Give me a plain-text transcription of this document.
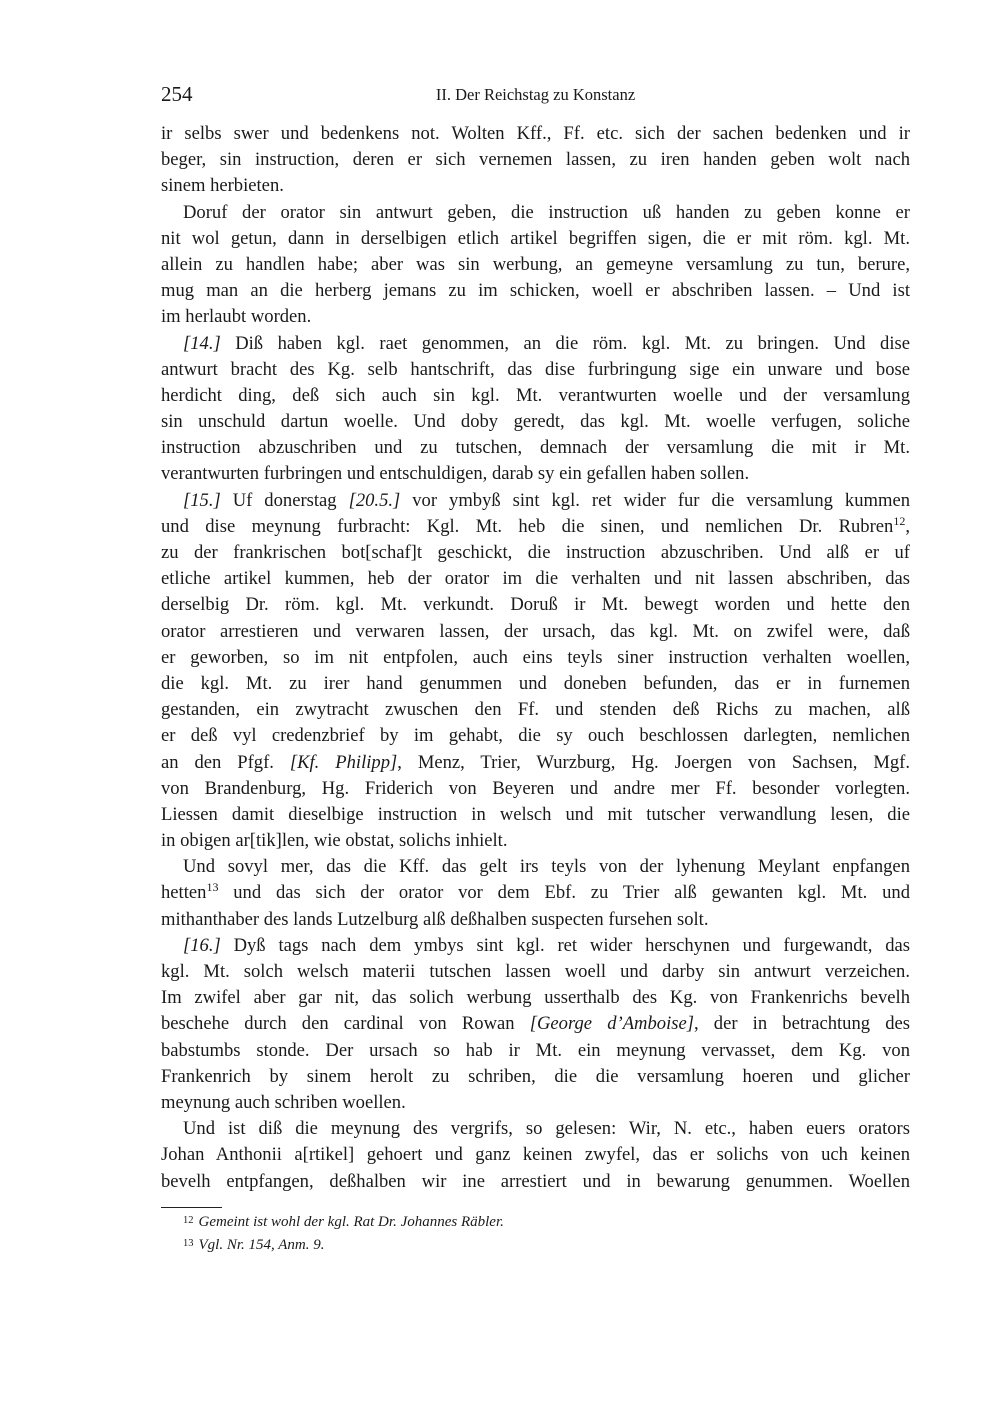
254	II. Der Reichstag zu Konstanz
ir selbs swer und bedenkens not. Wolten Kff., Ff. etc. sich der sachen bedenken und ir
beger, sin instruction, deren er sich vernemen lassen, zu iren handen geben wolt nach
sinem herbieten.
Doruf der orator sin antwurt geben, die instruction uß handen zu geben konne er
nit wol getun, dann in derselbigen etlich artikel begriffen sigen, die er mit röm. kgl. Mt.
allein zu handlen habe; aber was sin werbung, an gemeyne versamlung zu tun, berure,
mug man an die herberg jemans zu im schicken, woell er abschriben lassen. – Und ist
im herlaubt worden.
[14.] Diß haben kgl. raet genommen, an die röm. kgl. Mt. zu bringen. Und dise
antwurt bracht des Kg. selb hantschrift, das dise furbringung sige ein unware und bose
herdicht ding, deß sich auch sin kgl. Mt. verantwurten woelle und der versamlung
sin unschuld dartun woelle. Und doby geredt, das kgl. Mt. woelle verfugen, soliche
instruction abzuschriben und zu tutschen, demnach der versamlung die mit ir Mt.
verantwurten furbringen und entschuldigen, darab sy ein gefallen haben sollen.
[15.] Uf donerstag [20.5.] vor ymbyß sint kgl. ret wider fur die versamlung kummen
und dise meynung furbracht: Kgl. Mt. heb die sinen, und nemlichen Dr. Rubren$^{12}$,
zu der frankrischen bot[schaf]t geschickt, die instruction abzuschriben. Und alß er uf
etliche artikel kummen, heb der orator im die verhalten und nit lassen abschriben, das
derselbig Dr. röm. kgl. Mt. verkundt. Doruß ir Mt. bewegt worden und hette den
orator arrestieren und verwaren lassen, der ursach, das kgl. Mt. on zwifel were, daß
er geworben, so im nit entpfolen, auch eins teyls siner instruction verhalten woellen,
die kgl. Mt. zu irer hand genummen und doneben befunden, das er in furnemen
gestanden, ein zwytracht zwuschen den Ff. und stenden deß Richs zu machen, alß
er deß vyl credenzbrief by im gehabt, die sy ouch beschlossen darlegten, nemlichen
an den Pfgf. [Kf. Philipp], Menz, Trier, Wurzburg, Hg. Joergen von Sachsen, Mgf.
von Brandenburg, Hg. Friderich von Beyeren und andre mer Ff. besonder vorlegten.
Liessen damit dieselbige instruction in welsch und mit tutscher verwandlung lesen, die
in obigen ar[tik]len, wie obstat, solichs inhielt.
Und sovyl mer, das die Kff. das gelt irs teyls von der lyhenung Meylant enpfangen
hetten$^{13}$ und das sich der orator vor dem Ebf. zu Trier alß gewanten kgl. Mt. und
mithanthaber des lands Lutzelburg alß deßhalben suspecten fursehen solt.
[16.] Dyß tags nach dem ymbys sint kgl. ret wider herschynen und furgewandt, das
kgl. Mt. solch welsch materii tutschen lassen woell und darby sin antwurt verzeichen.
Im zwifel aber gar nit, das solich werbung usserthalb des Kg. von Frankenrichs bevelh
beschehe durch den cardinal von Rowan [George d’Amboise], der in betrachtung des
babstumbs stonde. Der ursach so hab ir Mt. ein meynung vervasset, dem Kg. von
Frankenrich by sinem herolt zu schriben, die die versamlung hoeren und glicher
meynung auch schriben woellen.
Und ist diß die meynung des vergrifs, so gelesen: Wir, N. etc., haben euers orators
Johan Anthonii a[rtikel] gehoert und ganz keinen zwyfel, das er solichs von uch keinen
bevelh entpfangen, deßhalben wir ine arrestiert und in bewarung genummen. Woellen
$^{12}$ Gemeint ist wohl der kgl. Rat Dr. Johannes Räbler.
$^{13}$ Vgl. Nr. 154, Anm. 9.
